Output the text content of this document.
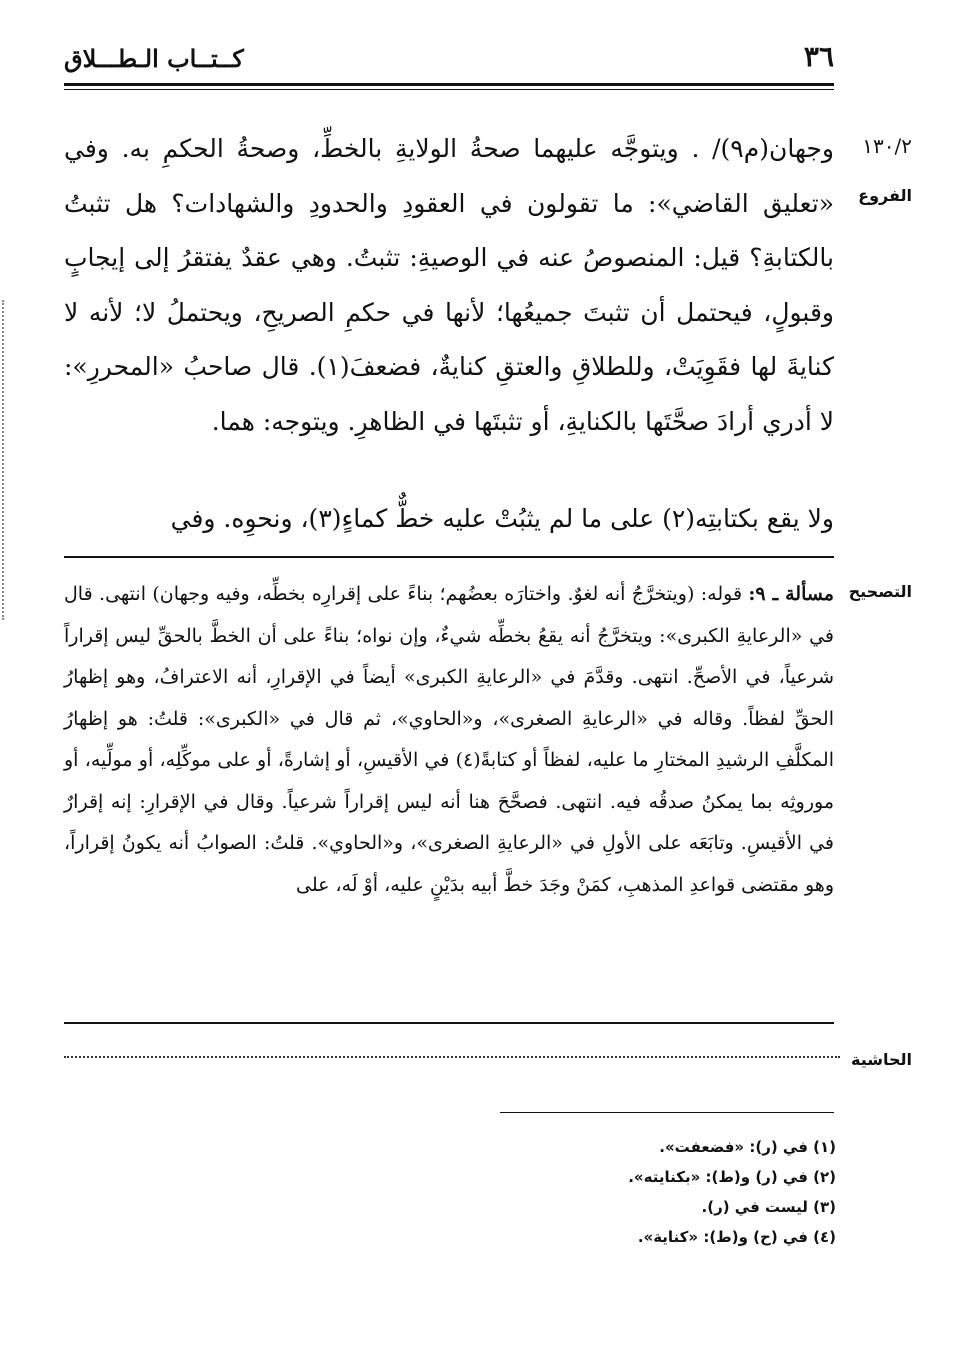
٣٦
كــتــاب الـطـــلاق
١٣٠/٢
الفروع

وجهان(م٩)/ . ويتوجَّه عليهما صحةُ الولايةِ بالخطِّ، وصحةُ الحكمِ به. وفي «تعليق القاضي»: ما تقولون في العقودِ والحدودِ والشهادات؟ هل تثبتُ بالكتابةِ؟ قيل: المنصوصُ عنه في الوصيةِ: تثبتُ. وهي عقدٌ يفتقرُ إلى إيجابٍ وقبولٍ، فيحتمل أن تثبتَ جميعُها؛ لأنها في حكمِ الصريحِ، ويحتملُ لا؛ لأنه لا كنايةَ لها فقَوِيَتْ، وللطلاقِ والعتقِ كنايةٌ، فضعفَ(١). قال صاحبُ «المحررِ»: لا أدري أرادَ صحَّتَها بالكنايةِ، أو تثبتَها في الظاهرِ. ويتوجه: هما.

ولا يقع بكتابتِه(٢) على ما لم يثبُتْ عليه خطٌّ كماءٍ(٣)، ونحوِه. وفي
التصحيح
مسألة ـ ٩: قوله: (ويتخرَّجُ أنه لغوٌ. واختارَه بعضُهم؛ بناءً على إقرارِه بخطِّه، وفيه وجهان) انتهى. قال في «الرعايةِ الكبرى»: ويتخرَّجُ أنه يقعُ بخطِّه شيءٌ، وإن نواه؛ بناءً على أن الخطَّ بالحقِّ ليس إقراراً شرعياً، في الأصحِّ. انتهى. وقدَّمَ في «الرعايةِ الكبرى» أيضاً في الإقرارِ، أنه الاعترافُ، وهو إظهارُ الحقِّ لفظاً. وقاله في «الرعايةِ الصغرى»، و«الحاوي»، ثم قال في «الكبرى»: قلتُ: هو إظهارُ المكلَّفِ الرشيدِ المختارِ ما عليه، لفظاً أو كتابةً(٤) في الأقيسِ، أو إشارةً، أو على موكِّلِه، أو مولِّيه، أو موروثِه بما يمكنُ صدقُه فيه. انتهى. فصحَّحَ هنا أنه ليس إقراراً شرعياً. وقال في الإقرارِ: إنه إقرارٌ في الأقيسِ. وتابَعَه على الأولِ في «الرعايةِ الصغرى»، و«الحاوي». قلتُ: الصوابُ أنه يكونُ إقراراً، وهو مقتضى قواعدِ المذهبِ، كمَنْ وجَدَ خطَّ أبيه بدَيْنٍ عليه، أوْ لَه، على
الحاشية
(١) في (ر): «فضعفت».
(٢) في (ر) و(ط): «بكنايته».
(٣) ليست في (ر).
(٤) في (ح) و(ط): «كناية».
